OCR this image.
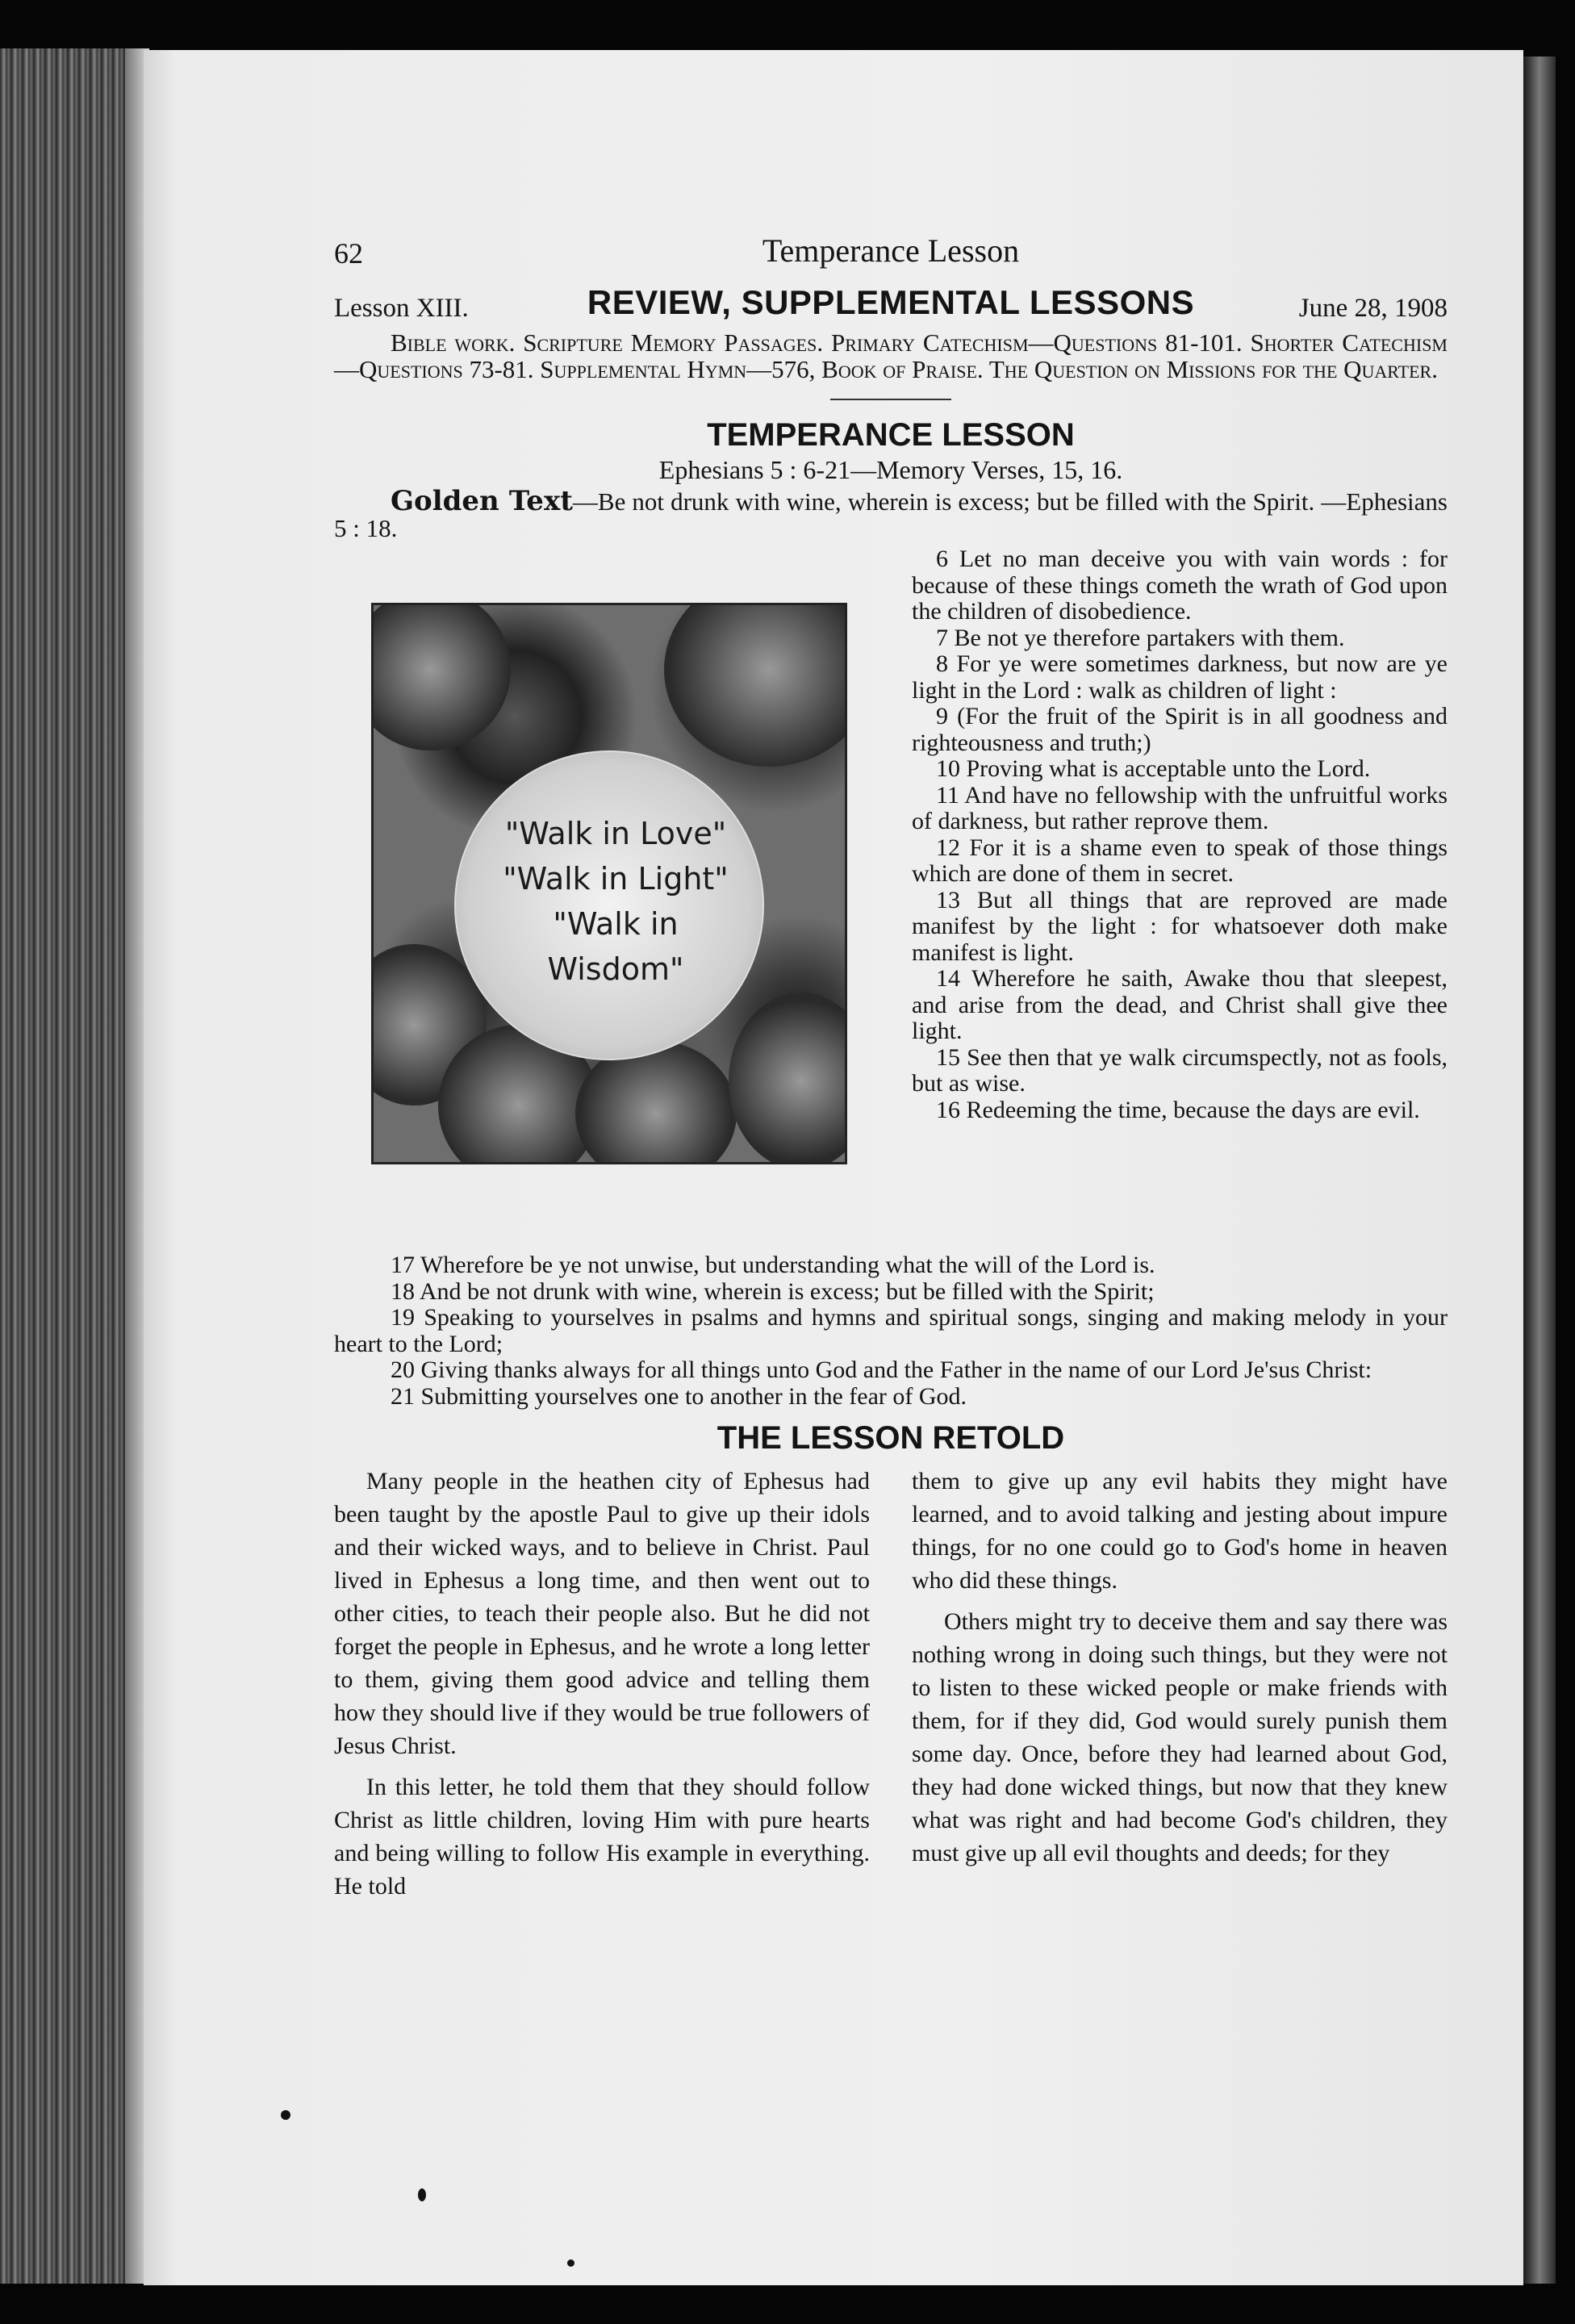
62	Temperance Lesson
Lesson XIII.	REVIEW, SUPPLEMENTAL LESSONS	June 28, 1908
Bible work. Scripture Memory Passages. Primary Catechism—Questions 81-101. Shorter Catechism—Questions 73-81. Supplemental Hymn—576, Book of Praise. The Question on Missions for the Quarter.
TEMPERANCE LESSON
Ephesians 5 : 6-21—Memory Verses, 15, 16.
Golden Text—Be not drunk with wine, wherein is excess; but be filled with the Spirit. —Ephesians 5 : 18.
"Walk in Love"
"Walk in Light"
"Walk in Wisdom"

6 Let no man deceive you with vain words : for because of these things cometh the wrath of God upon the children of disobedience.

7 Be not ye therefore partakers with them.

8 For ye were sometimes darkness, but now are ye light in the Lord : walk as children of light :

9 (For the fruit of the Spirit is in all goodness and righteousness and truth;)

10 Proving what is acceptable unto the Lord.

11 And have no fellowship with the unfruitful works of darkness, but rather reprove them.

12 For it is a shame even to speak of those things which are done of them in secret.

13 But all things that are reproved are made manifest by the light : for whatsoever doth make manifest is light.

14 Wherefore he saith, Awake thou that sleepest, and arise from the dead, and Christ shall give thee light.

15 See then that ye walk circumspectly, not as fools, but as wise.

16 Redeeming the time, because the days are evil.

17 Wherefore be ye not unwise, but understanding what the will of the Lord is.

18 And be not drunk with wine, wherein is excess; but be filled with the Spirit;

19 Speaking to yourselves in psalms and hymns and spiritual songs, singing and making melody in your heart to the Lord;

20 Giving thanks always for all things unto God and the Father in the name of our Lord Je'sus Christ:

21 Submitting yourselves one to another in the fear of God.

THE LESSON RETOLD

Many people in the heathen city of Ephesus had been taught by the apostle Paul to give up their idols and their wicked ways, and to believe in Christ. Paul lived in Ephesus a long time, and then went out to other cities, to teach their people also. But he did not forget the people in Ephesus, and he wrote a long letter to them, giving them good advice and telling them how they should live if they would be true followers of Jesus Christ.

In this letter, he told them that they should follow Christ as little children, loving Him with pure hearts and being willing to follow His example in everything. He told

them to give up any evil habits they might have learned, and to avoid talking and jesting about impure things, for no one could go to God's home in heaven who did these things.

Others might try to deceive them and say there was nothing wrong in doing such things, but they were not to listen to these wicked people or make friends with them, for if they did, God would surely punish them some day. Once, before they had learned about God, they had done wicked things, but now that they knew what was right and had become God's children, they must give up all evil thoughts and deeds; for they
